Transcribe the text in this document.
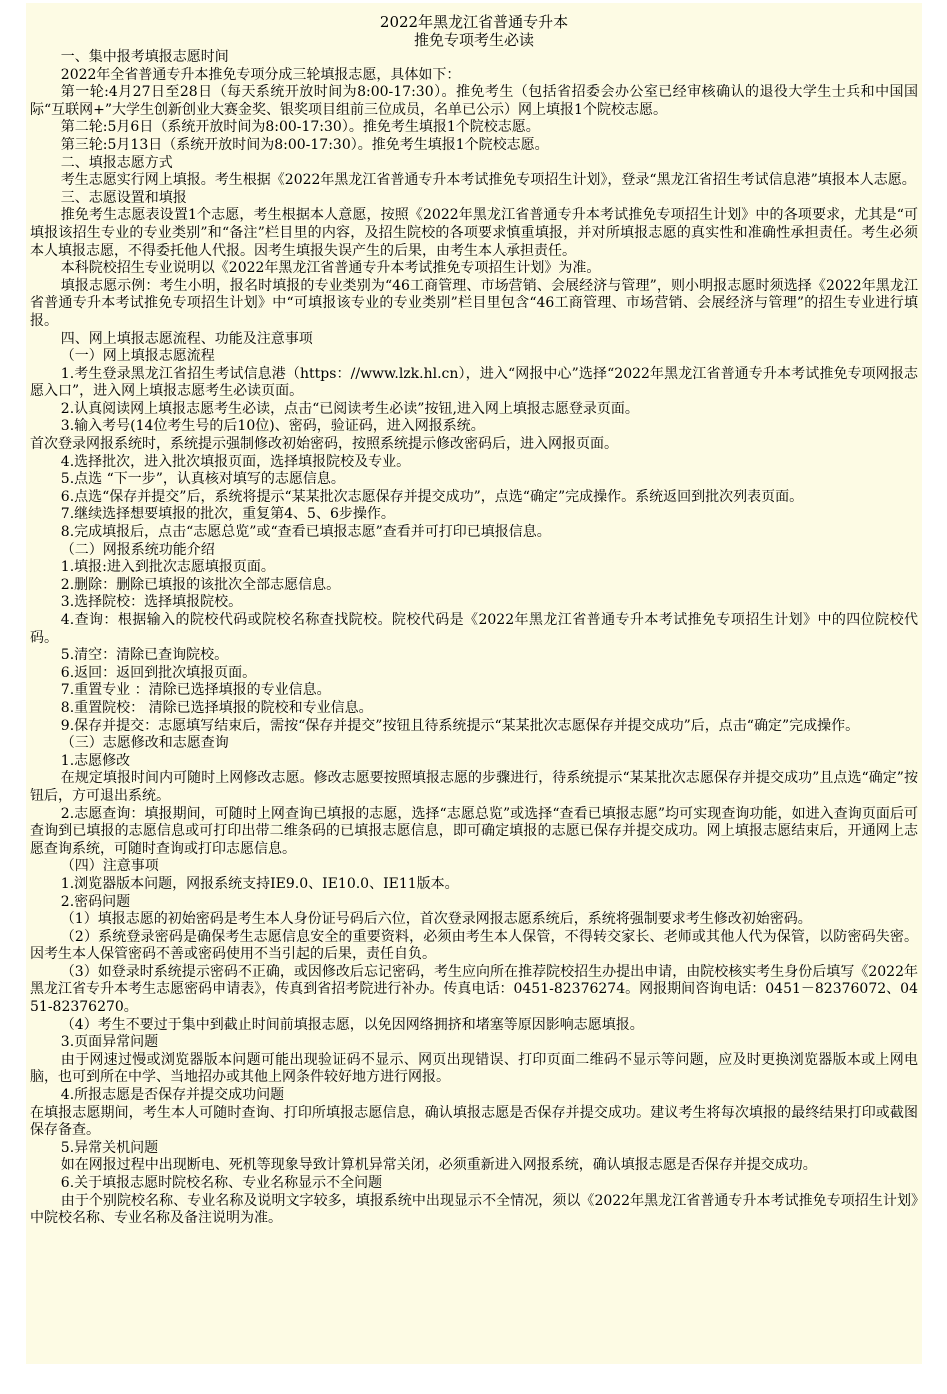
2022年黑龙江省普通专升本

推免专项考生必读

一、集中报考填报志愿时间

2022年全省普通专升本推免专项分成三轮填报志愿，具体如下：

第一轮:4月27日至28日（每天系统开放时间为8:00-17:30）。推免考生（包括省招委会办公室已经审核确认的退役大学生士兵和中国国际“互联网+”大学生创新创业大赛金奖、银奖项目组前三位成员，名单已公示）网上填报1个院校志愿。

第二轮:5月6日（系统开放时间为8:00-17:30）。推免考生填报1个院校志愿。

第三轮:5月13日（系统开放时间为8:00-17:30）。推免考生填报1个院校志愿。

二、填报志愿方式

考生志愿实行网上填报。考生根据《2022年黑龙江省普通专升本考试推免专项招生计划》，登录“黑龙江省招生考试信息港”填报本人志愿。

三、志愿设置和填报

推免考生志愿表设置1个志愿，考生根据本人意愿，按照《2022年黑龙江省普通专升本考试推免专项招生计划》中的各项要求，尤其是“可填报该招生专业的专业类别”和“备注”栏目里的内容，及招生院校的各项要求慎重填报，并对所填报志愿的真实性和准确性承担责任。考生必须本人填报志愿，不得委托他人代报。因考生填报失误产生的后果，由考生本人承担责任。

本科院校招生专业说明以《2022年黑龙江省普通专升本考试推免专项招生计划》为准。

填报志愿示例：考生小明，报名时填报的专业类别为“46工商管理、市场营销、会展经济与管理”，则小明报志愿时须选择《2022年黑龙江省普通专升本考试推免专项招生计划》中“可填报该专业的专业类别”栏目里包含“46工商管理、市场营销、会展经济与管理”的招生专业进行填报。

四、网上填报志愿流程、功能及注意事项

（一）网上填报志愿流程

1.考生登录黑龙江省招生考试信息港（https：//www.lzk.hl.cn），进入“网报中心”选择“2022年黑龙江省普通专升本考试推免专项网报志愿入口”，进入网上填报志愿考生必读页面。

2.认真阅读网上填报志愿考生必读，点击“已阅读考生必读”按钮,进入网上填报志愿登录页面。

3.输入考号(14位考生号的后10位)、密码，验证码，进入网报系统。

首次登录网报系统时，系统提示强制修改初始密码，按照系统提示修改密码后，进入网报页面。

4.选择批次，进入批次填报页面，选择填报院校及专业。

5.点选 “下一步”，认真核对填写的志愿信息。

6.点选“保存并提交”后，系统将提示“某某批次志愿保存并提交成功”，点选“确定”完成操作。系统返回到批次列表页面。

7.继续选择想要填报的批次，重复第4、5、6步操作。

8.完成填报后，点击“志愿总览”或“查看已填报志愿”查看并可打印已填报信息。

（二）网报系统功能介绍

1.填报:进入到批次志愿填报页面。

2.删除：删除已填报的该批次全部志愿信息。

3.选择院校：选择填报院校。

4.查询：根据输入的院校代码或院校名称查找院校。院校代码是《2022年黑龙江省普通专升本考试推免专项招生计划》中的四位院校代码。

5.清空：清除已查询院校。

6.返回：返回到批次填报页面。

7.重置专业 ：清除已选择填报的专业信息。

8.重置院校： 清除已选择填报的院校和专业信息。

9.保存并提交：志愿填写结束后，需按“保存并提交”按钮且待系统提示“某某批次志愿保存并提交成功”后，点击“确定”完成操作。

（三）志愿修改和志愿查询

1.志愿修改

在规定填报时间内可随时上网修改志愿。修改志愿要按照填报志愿的步骤进行，待系统提示“某某批次志愿保存并提交成功”且点选“确定”按钮后，方可退出系统。

2.志愿查询：填报期间，可随时上网查询已填报的志愿，选择“志愿总览”或选择“查看已填报志愿”均可实现查询功能，如进入查询页面后可查询到已填报的志愿信息或可打印出带二维条码的已填报志愿信息，即可确定填报的志愿已保存并提交成功。网上填报志愿结束后，开通网上志愿查询系统，可随时查询或打印志愿信息。

（四）注意事项

1.浏览器版本问题，网报系统支持IE9.0、IE10.0、IE11版本。

2.密码问题

（1）填报志愿的初始密码是考生本人身份证号码后六位，首次登录网报志愿系统后，系统将强制要求考生修改初始密码。

（2）系统登录密码是确保考生志愿信息安全的重要资料，必须由考生本人保管，不得转交家长、老师或其他人代为保管，以防密码失密。因考生本人保管密码不善或密码使用不当引起的后果，责任自负。

（3）如登录时系统提示密码不正确，或因修改后忘记密码，考生应向所在推荐院校招生办提出申请，由院校核实考生身份后填写《2022年黑龙江省专升本考生志愿密码申请表》，传真到省招考院进行补办。传真电话：0451-82376274。网报期间咨询电话：0451－82376072、0451-82376270。

（4）考生不要过于集中到截止时间前填报志愿，以免因网络拥挤和堵塞等原因影响志愿填报。

3.页面异常问题

由于网速过慢或浏览器版本问题可能出现验证码不显示、网页出现错误、打印页面二维码不显示等问题，应及时更换浏览器版本或上网电脑，也可到所在中学、当地招办或其他上网条件较好地方进行网报。

4.所报志愿是否保存并提交成功问题

在填报志愿期间，考生本人可随时查询、打印所填报志愿信息，确认填报志愿是否保存并提交成功。建议考生将每次填报的最终结果打印或截图保存备查。

5.异常关机问题

如在网报过程中出现断电、死机等现象导致计算机异常关闭，必须重新进入网报系统，确认填报志愿是否保存并提交成功。

6.关于填报志愿时院校名称、专业名称显示不全问题

由于个别院校名称、专业名称及说明文字较多，填报系统中出现显示不全情况，须以《2022年黑龙江省普通专升本考试推免专项招生计划》中院校名称、专业名称及备注说明为准。
